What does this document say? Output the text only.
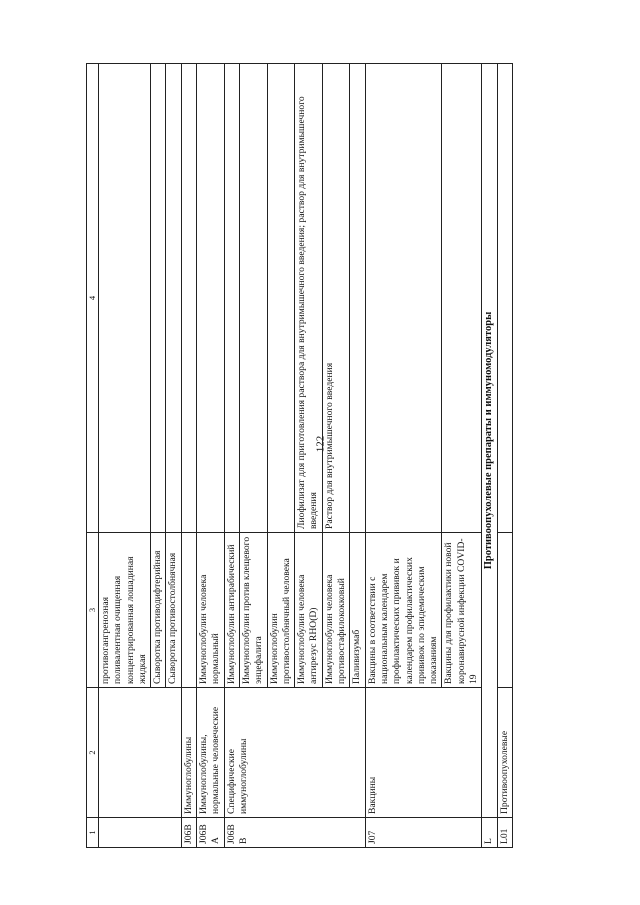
122
1	2	3	4
		противогангренозная поливалентная очищенная концентрированная лошадиная жидкая	
		Сыворотка противодифтерийная	
		Сыворотка противостолбнячная	
J06B	Иммуноглобулины		
J06BA	Иммуноглобулины, нормальные человеческие	Иммуноглобулин человека нормальный	
J06BB	Специфические иммуноглобулины	Иммуноглобулин антирабический	
		Иммуноглобулин против клещевого энцефалита	
		Иммуноглобулин противостолбнячный человека	
		Иммуноглобулин человека антирезус RHO(D)	Лиофилизат для приготовления раствора для внутримышечного введения; раствор для внутримышечного введения
		Иммуноглобулин человека противостафилококковый	Раствор для внутримышечного введения
		Паливизумаб	
J07	Вакцины	Вакцины в соответствии с национальным календарем профилактических прививок и календарем профилактических прививок по эпидемическим показаниям	
		Вакцины для профилактики новой коронавирусной инфекции COVID-19	
L	Противоопухолевые препараты и иммуномодуляторы		
L01	Противоопухолевые		
